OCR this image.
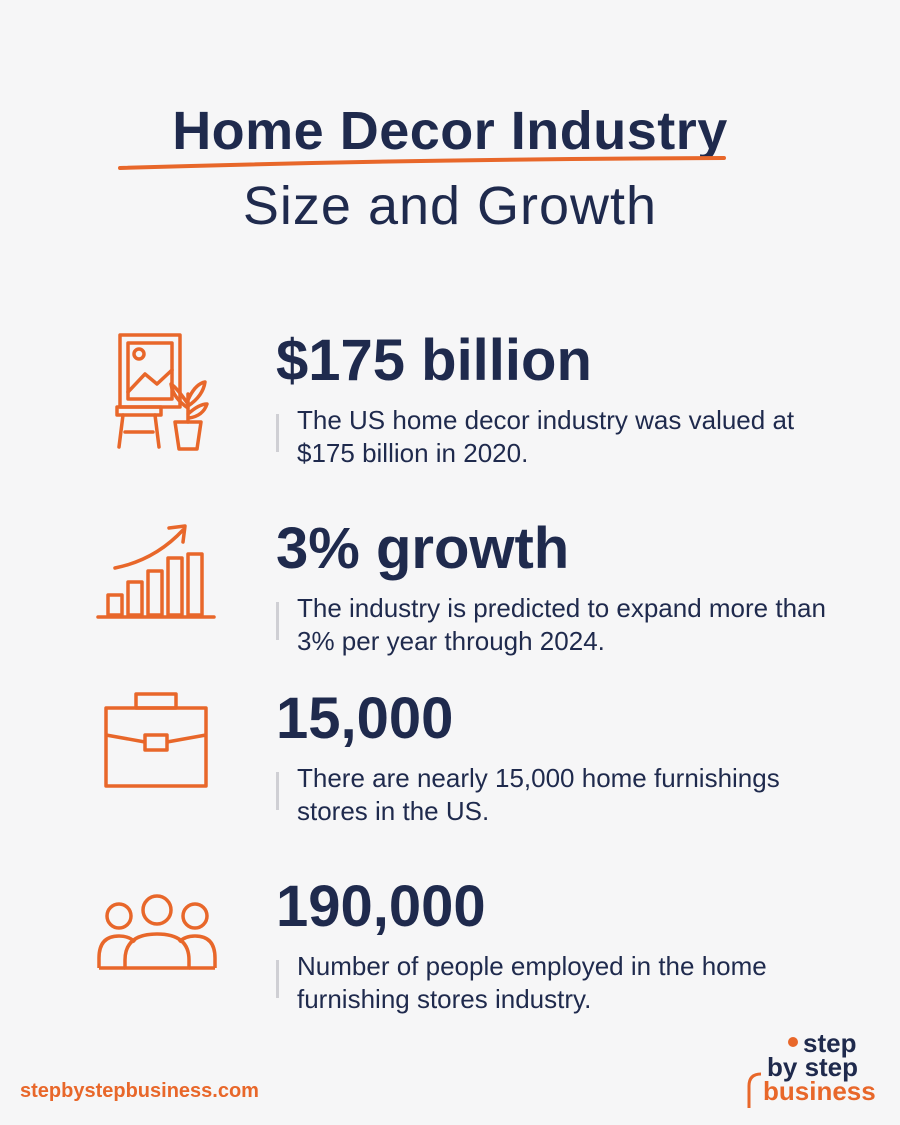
Home Decor Industry
Size and Growth
$175 billion
The US home decor industry was valued at $175 billion in 2020.
3% growth
The industry is predicted to expand more than 3% per year through 2024.
15,000
There are nearly 15,000 home furnishings stores in the US.
190,000
Number of people employed in the home furnishing stores industry.
stepbystepbusiness.com
step
by step
business
